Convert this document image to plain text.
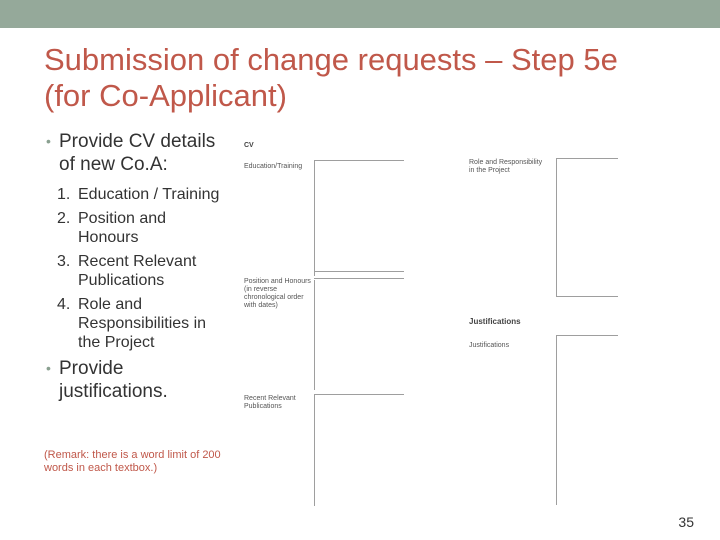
Submission of change requests – Step 5e
(for Co-Applicant)
• Provide CV details of new Co.A:
1. Education / Training
2. Position and Honours
3. Recent Relevant Publications
4. Role and Responsibilities in the Project
• Provide justifications.
(Remark: there is a word limit of 200 words in each textbox.)
CV
Education/Training
Position and Honours (in reverse chronological order with dates)
Recent Relevant Publications
Role and Responsibility in the Project
Justifications
Justifications
35
